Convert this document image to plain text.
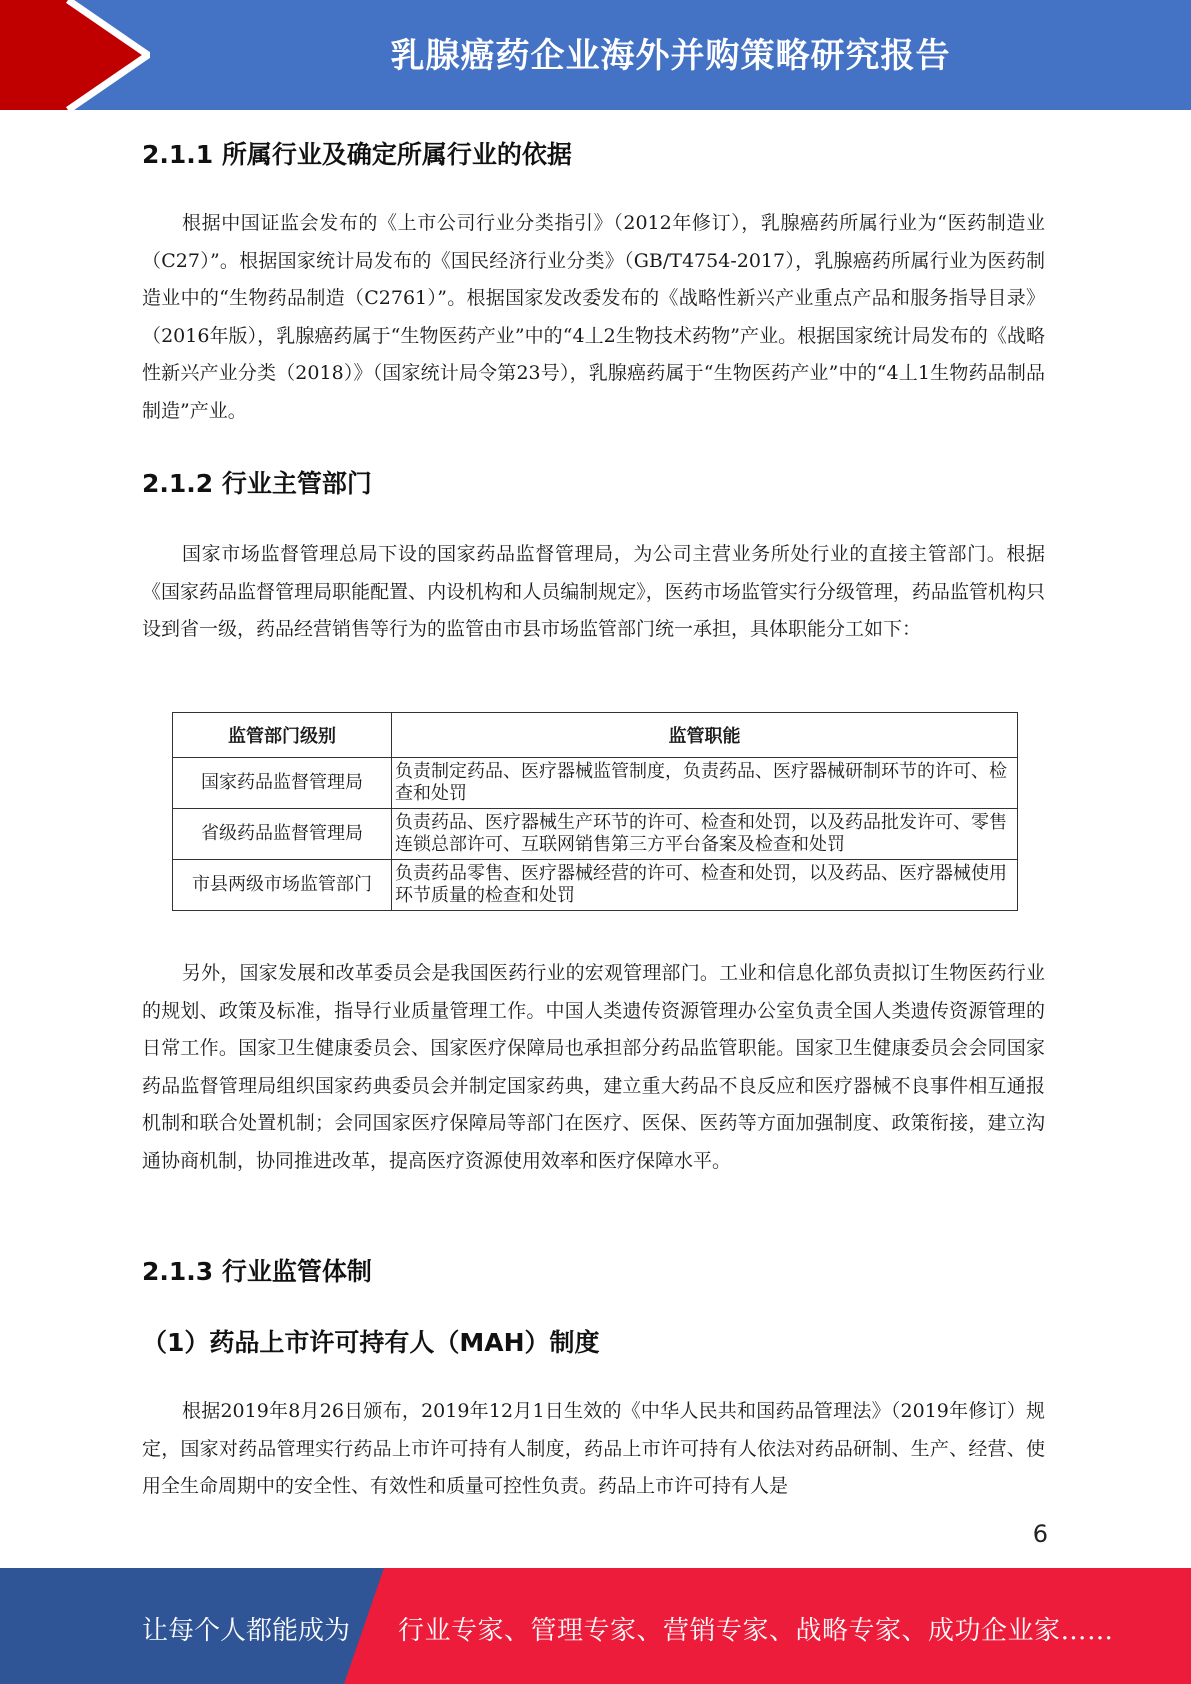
乳腺癌药企业海外并购策略研究报告
2.1.1 所属行业及确定所属行业的依据
根据中国证监会发布的《上市公司行业分类指引》（2012年修订），乳腺癌药所属行业为“医药制造业（C27）”。根据国家统计局发布的《国民经济行业分类》（GB/T4754-2017），乳腺癌药所属行业为医药制造业中的“生物药品制造（C2761）”。根据国家发改委发布的《战略性新兴产业重点产品和服务指导目录》（2016年版），乳腺癌药属于“生物医药产业”中的“4丄2生物技术药物”产业。根据国家统计局发布的《战略性新兴产业分类（2018）》（国家统计局令第23号），乳腺癌药属于“生物医药产业”中的“4丄1生物药品制品制造”产业。
2.1.2 行业主管部门
国家市场监督管理总局下设的国家药品监督管理局，为公司主营业务所处行业的直接主管部门。根据《国家药品监督管理局职能配置、内设机构和人员编制规定》，医药市场监管实行分级管理，药品监管机构只设到省一级，药品经营销售等行为的监管由市县市场监管部门统一承担，具体职能分工如下：
监管部门级别	监管职能
国家药品监督管理局	负责制定药品、医疗器械监管制度，负责药品、医疗器械研制环节的许可、检查和处罚
省级药品监督管理局	负责药品、医疗器械生产环节的许可、检查和处罚，以及药品批发许可、零售连锁总部许可、互联网销售第三方平台备案及检查和处罚
市县两级市场监管部门	负责药品零售、医疗器械经营的许可、检查和处罚，以及药品、医疗器械使用环节质量的检查和处罚
另外，国家发展和改革委员会是我国医药行业的宏观管理部门。工业和信息化部负责拟订生物医药行业的规划、政策及标准，指导行业质量管理工作。中国人类遗传资源管理办公室负责全国人类遗传资源管理的日常工作。国家卫生健康委员会、国家医疗保障局也承担部分药品监管职能。国家卫生健康委员会会同国家药品监督管理局组织国家药典委员会并制定国家药典，建立重大药品不良反应和医疗器械不良事件相互通报机制和联合处置机制；会同国家医疗保障局等部门在医疗、医保、医药等方面加强制度、政策衔接，建立沟通协商机制，协同推进改革，提高医疗资源使用效率和医疗保障水平。
2.1.3 行业监管体制
（1）药品上市许可持有人（MAH）制度
根据2019年8月26日颁布，2019年12月1日生效的《中华人民共和国药品管理法》（2019年修订）规定，国家对药品管理实行药品上市许可持有人制度，药品上市许可持有人依法对药品研制、生产、经营、使用全生命周期中的安全性、有效性和质量可控性负责。药品上市许可持有人是
6
让每个人都能成为 行业专家、管理专家、营销专家、战略专家、成功企业家……
